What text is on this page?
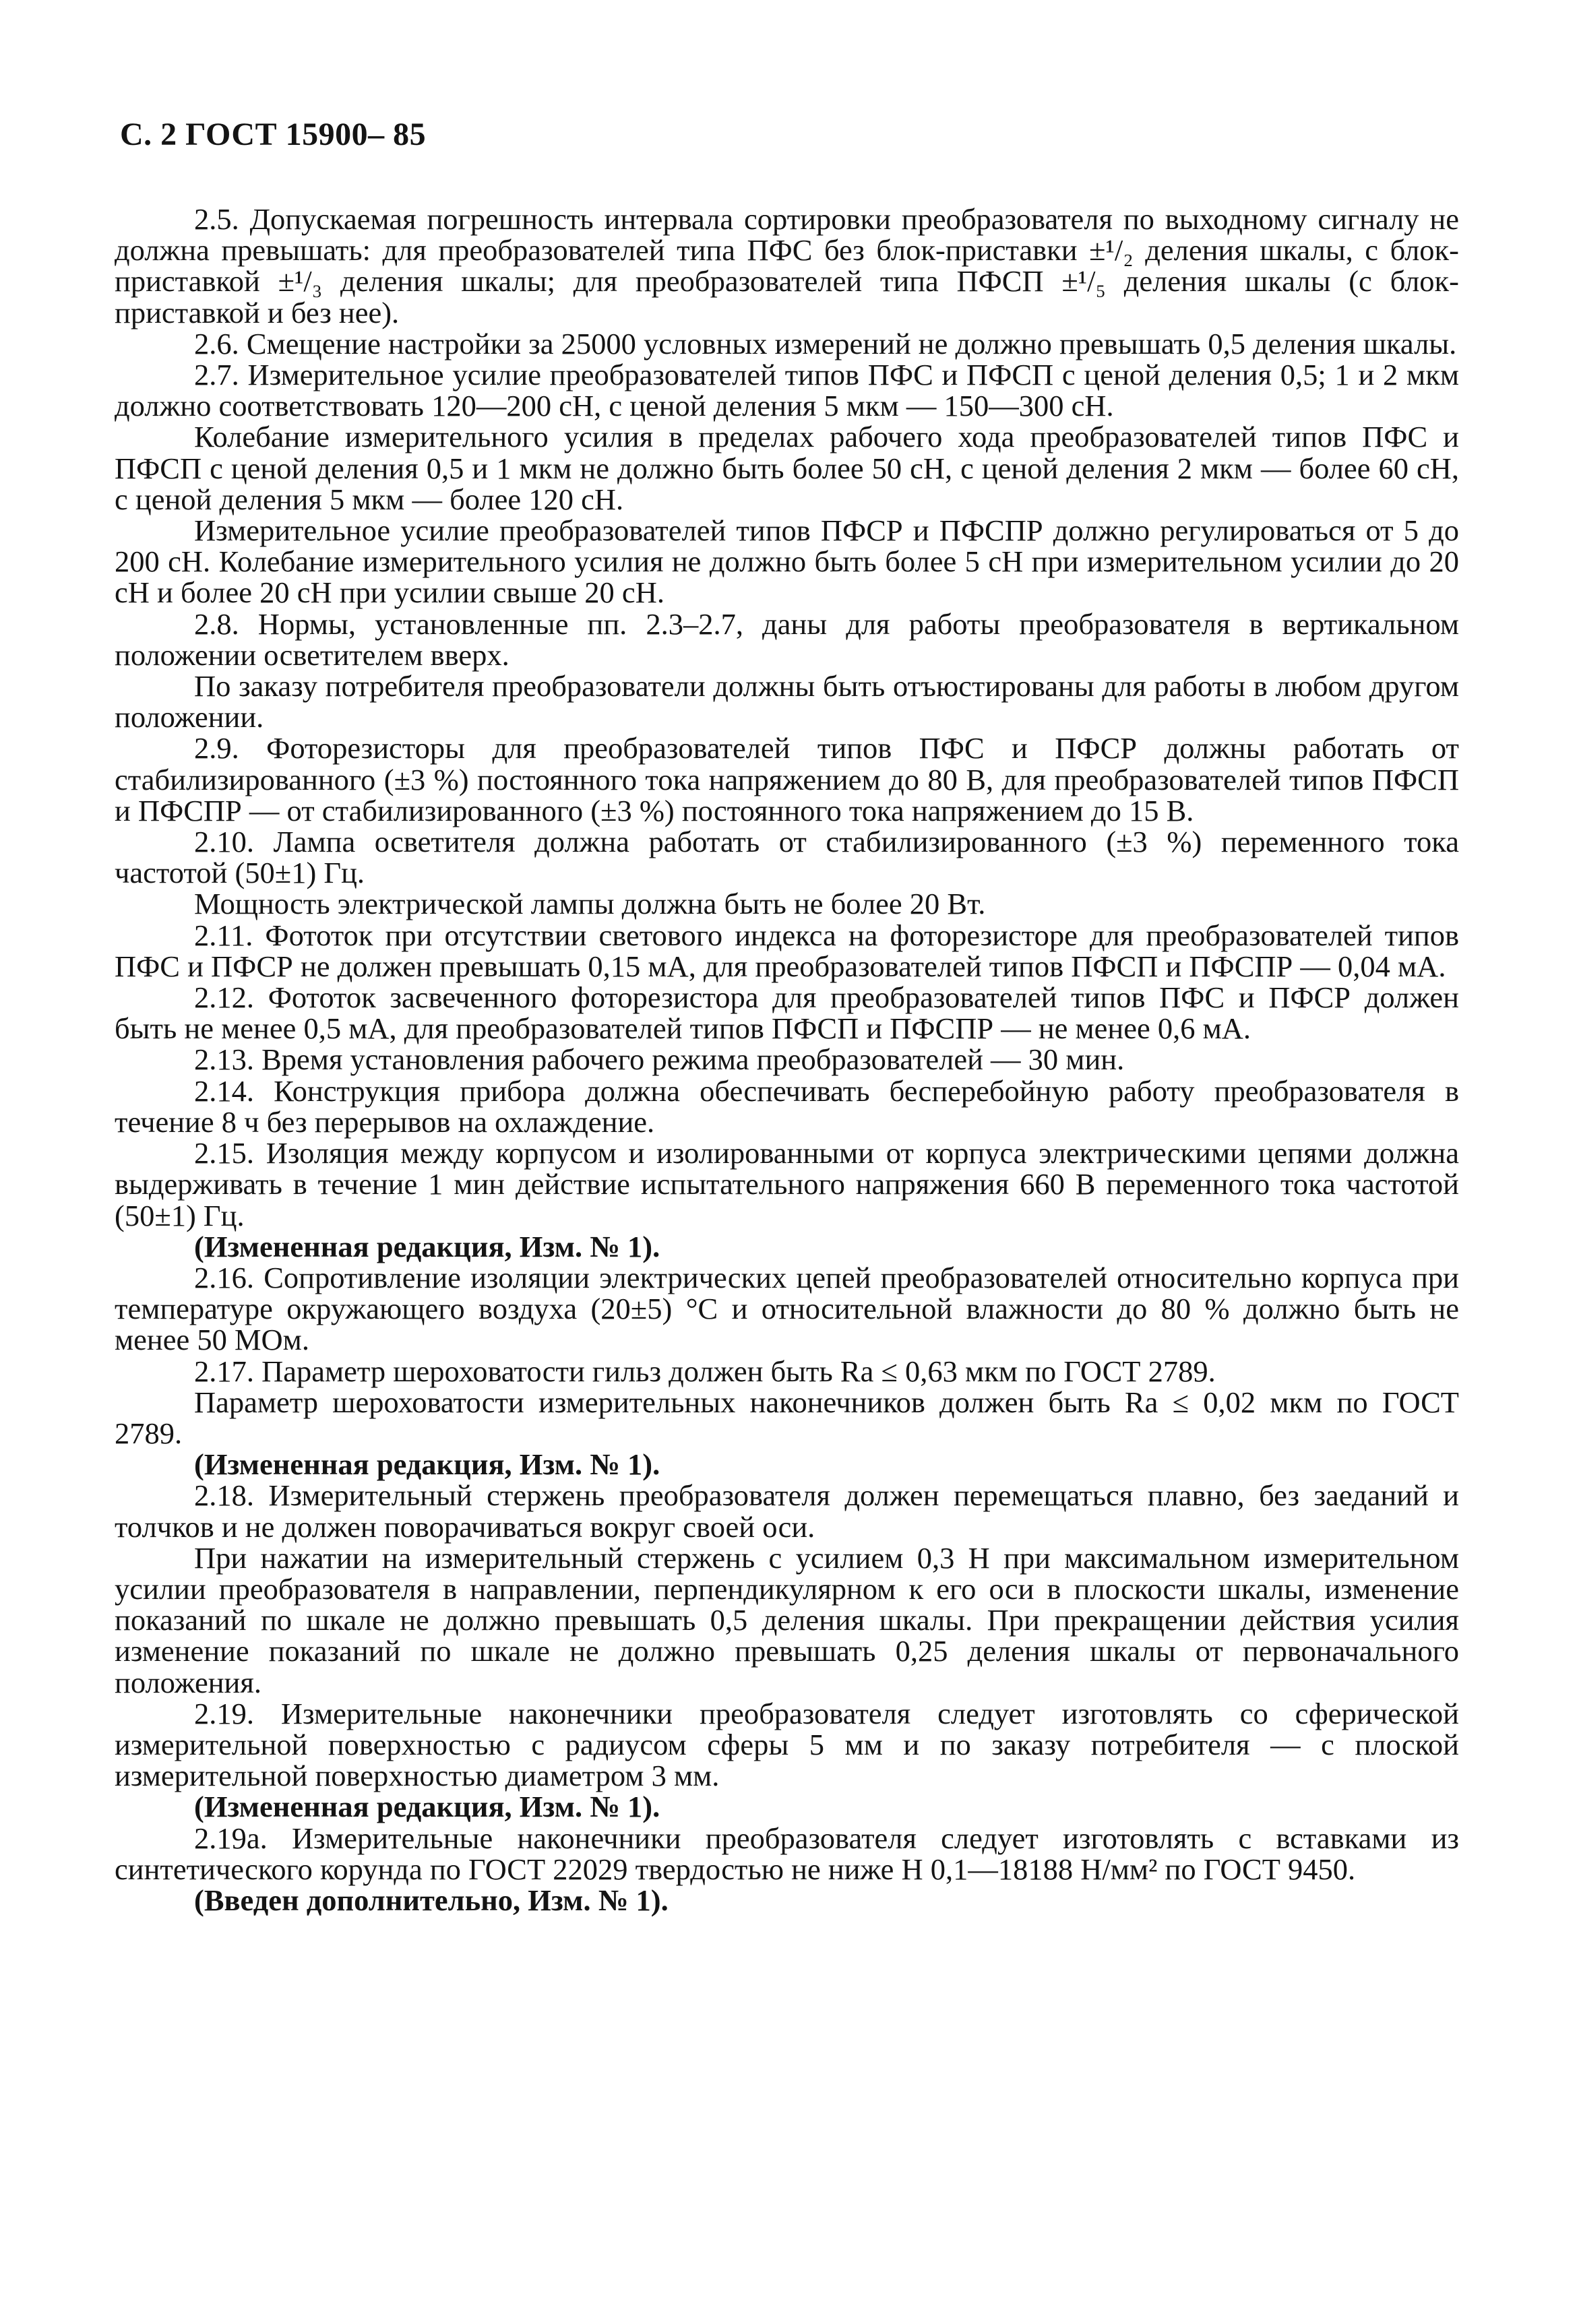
С. 2 ГОСТ 15900– 85

2.5. Допускаемая погрешность интервала сортировки преобразователя по выходному сигналу не должна превышать: для преобразователей типа ПФС без блок-приставки ±¹/₂ деления шкалы, с блок-приставкой ±¹/₃ деления шкалы; для преобразователей типа ПФСП ±¹/₅ деления шкалы (с блок-приставкой и без нее).

2.6. Смещение настройки за 25000 условных измерений не должно превышать 0,5 деления шкалы.

2.7. Измерительное усилие преобразователей типов ПФС и ПФСП с ценой деления 0,5; 1 и 2 мкм должно соответствовать 120—200 сН, с ценой деления 5 мкм — 150—300 сН.

Колебание измерительного усилия в пределах рабочего хода преобразователей типов ПФС и ПФСП с ценой деления 0,5 и 1 мкм не должно быть более 50 сН, с ценой деления 2 мкм — более 60 сН, с ценой деления 5 мкм — более 120 сН.

Измерительное усилие преобразователей типов ПФСР и ПФСПР должно регулироваться от 5 до 200 сН. Колебание измерительного усилия не должно быть более 5 сН при измерительном усилии до 20 сН и более 20 сН при усилии свыше 20 сН.

2.8. Нормы, установленные пп. 2.3–2.7, даны для работы преобразователя в вертикальном положении осветителем вверх.

По заказу потребителя преобразователи должны быть отъюстированы для работы в любом другом положении.

2.9. Фоторезисторы для преобразователей типов ПФС и ПФСР должны работать от стабилизированного (±3 %) постоянного тока напряжением до 80 В, для преобразователей типов ПФСП и ПФСПР — от стабилизированного (±3 %) постоянного тока напряжением до 15 В.

2.10. Лампа осветителя должна работать от стабилизированного (±3 %) переменного тока частотой (50±1) Гц.

Мощность электрической лампы должна быть не более 20 Вт.

2.11. Фототок при отсутствии светового индекса на фоторезисторе для преобразователей типов ПФС и ПФСР не должен превышать 0,15 мА, для преобразователей типов ПФСП и ПФСПР — 0,04 мА.

2.12. Фототок засвеченного фоторезистора для преобразователей типов ПФС и ПФСР должен быть не менее 0,5 мА, для преобразователей типов ПФСП и ПФСПР — не менее 0,6 мА.

2.13. Время установления рабочего режима преобразователей — 30 мин.

2.14. Конструкция прибора должна обеспечивать бесперебойную работу преобразователя в течение 8 ч без перерывов на охлаждение.

2.15. Изоляция между корпусом и изолированными от корпуса электрическими цепями должна выдерживать в течение 1 мин действие испытательного напряжения 660 В переменного тока частотой (50±1) Гц.

(Измененная редакция, Изм. № 1).

2.16. Сопротивление изоляции электрических цепей преобразователей относительно корпуса при температуре окружающего воздуха (20±5) °С и относительной влажности до 80 % должно быть не менее 50 МОм.

2.17. Параметр шероховатости гильз должен быть Ra ≤ 0,63 мкм по ГОСТ 2789.

Параметр шероховатости измерительных наконечников должен быть Ra ≤ 0,02 мкм по ГОСТ 2789.

(Измененная редакция, Изм. № 1).

2.18. Измерительный стержень преобразователя должен перемещаться плавно, без заеданий и толчков и не должен поворачиваться вокруг своей оси.

При нажатии на измерительный стержень с усилием 0,3 Н при максимальном измерительном усилии преобразователя в направлении, перпендикулярном к его оси в плоскости шкалы, изменение показаний по шкале не должно превышать 0,5 деления шкалы. При прекращении действия усилия изменение показаний по шкале не должно превышать 0,25 деления шкалы от первоначального положения.

2.19. Измерительные наконечники преобразователя следует изготовлять со сферической измерительной поверхностью с радиусом сферы 5 мм и по заказу потребителя — с плоской измерительной поверхностью диаметром 3 мм.

(Измененная редакция, Изм. № 1).

2.19а. Измерительные наконечники преобразователя следует изготовлять с вставками из синтетического корунда по ГОСТ 22029 твердостью не ниже Н 0,1—18188 Н/мм² по ГОСТ 9450.

(Введен дополнительно, Изм. № 1).
